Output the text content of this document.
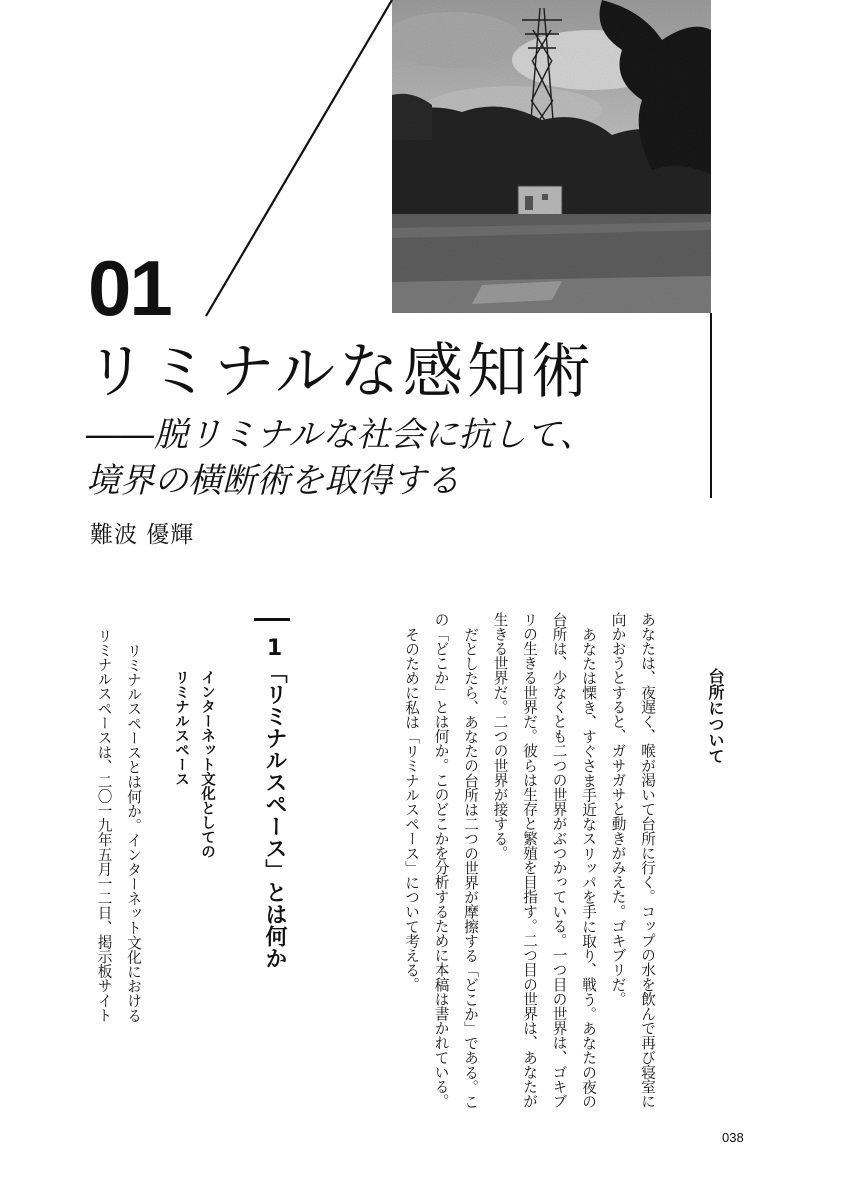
01
リミナルな感知術
――脱リミナルな社会に抗して、
境界の横断術を取得する

難波 優輝

台所について

あなたは、夜遅く、喉が渇いて台所に行く。コップの水を飲んで再び寝室に向かおうとすると、ガサガサと動きがみえた。ゴキブリだ。

あなたは慄き、すぐさま手近なスリッパを手に取り、戦う。あなたの夜の台所は、少なくとも二つの世界がぶつかっている。一つ目の世界は、ゴキブリの生きる世界だ。彼らは生存と繁殖を目指す。二つ目の世界は、あなたが生きる世界だ。二つの世界が接する。

だとしたら、あなたの台所は二つの世界が摩擦する「どこか」である。この「どこか」とは何か。このどこかを分析するために本稿は書かれている。

そのために私は「リミナルスペース」について考える。

1「リミナルスペース」とは何か
インターネット文化としての
リミナルスペース

リミナルスペースとは何か。インターネット文化における

リミナルスペースは、二〇一九年五月一二日、掲示板サイト

038
